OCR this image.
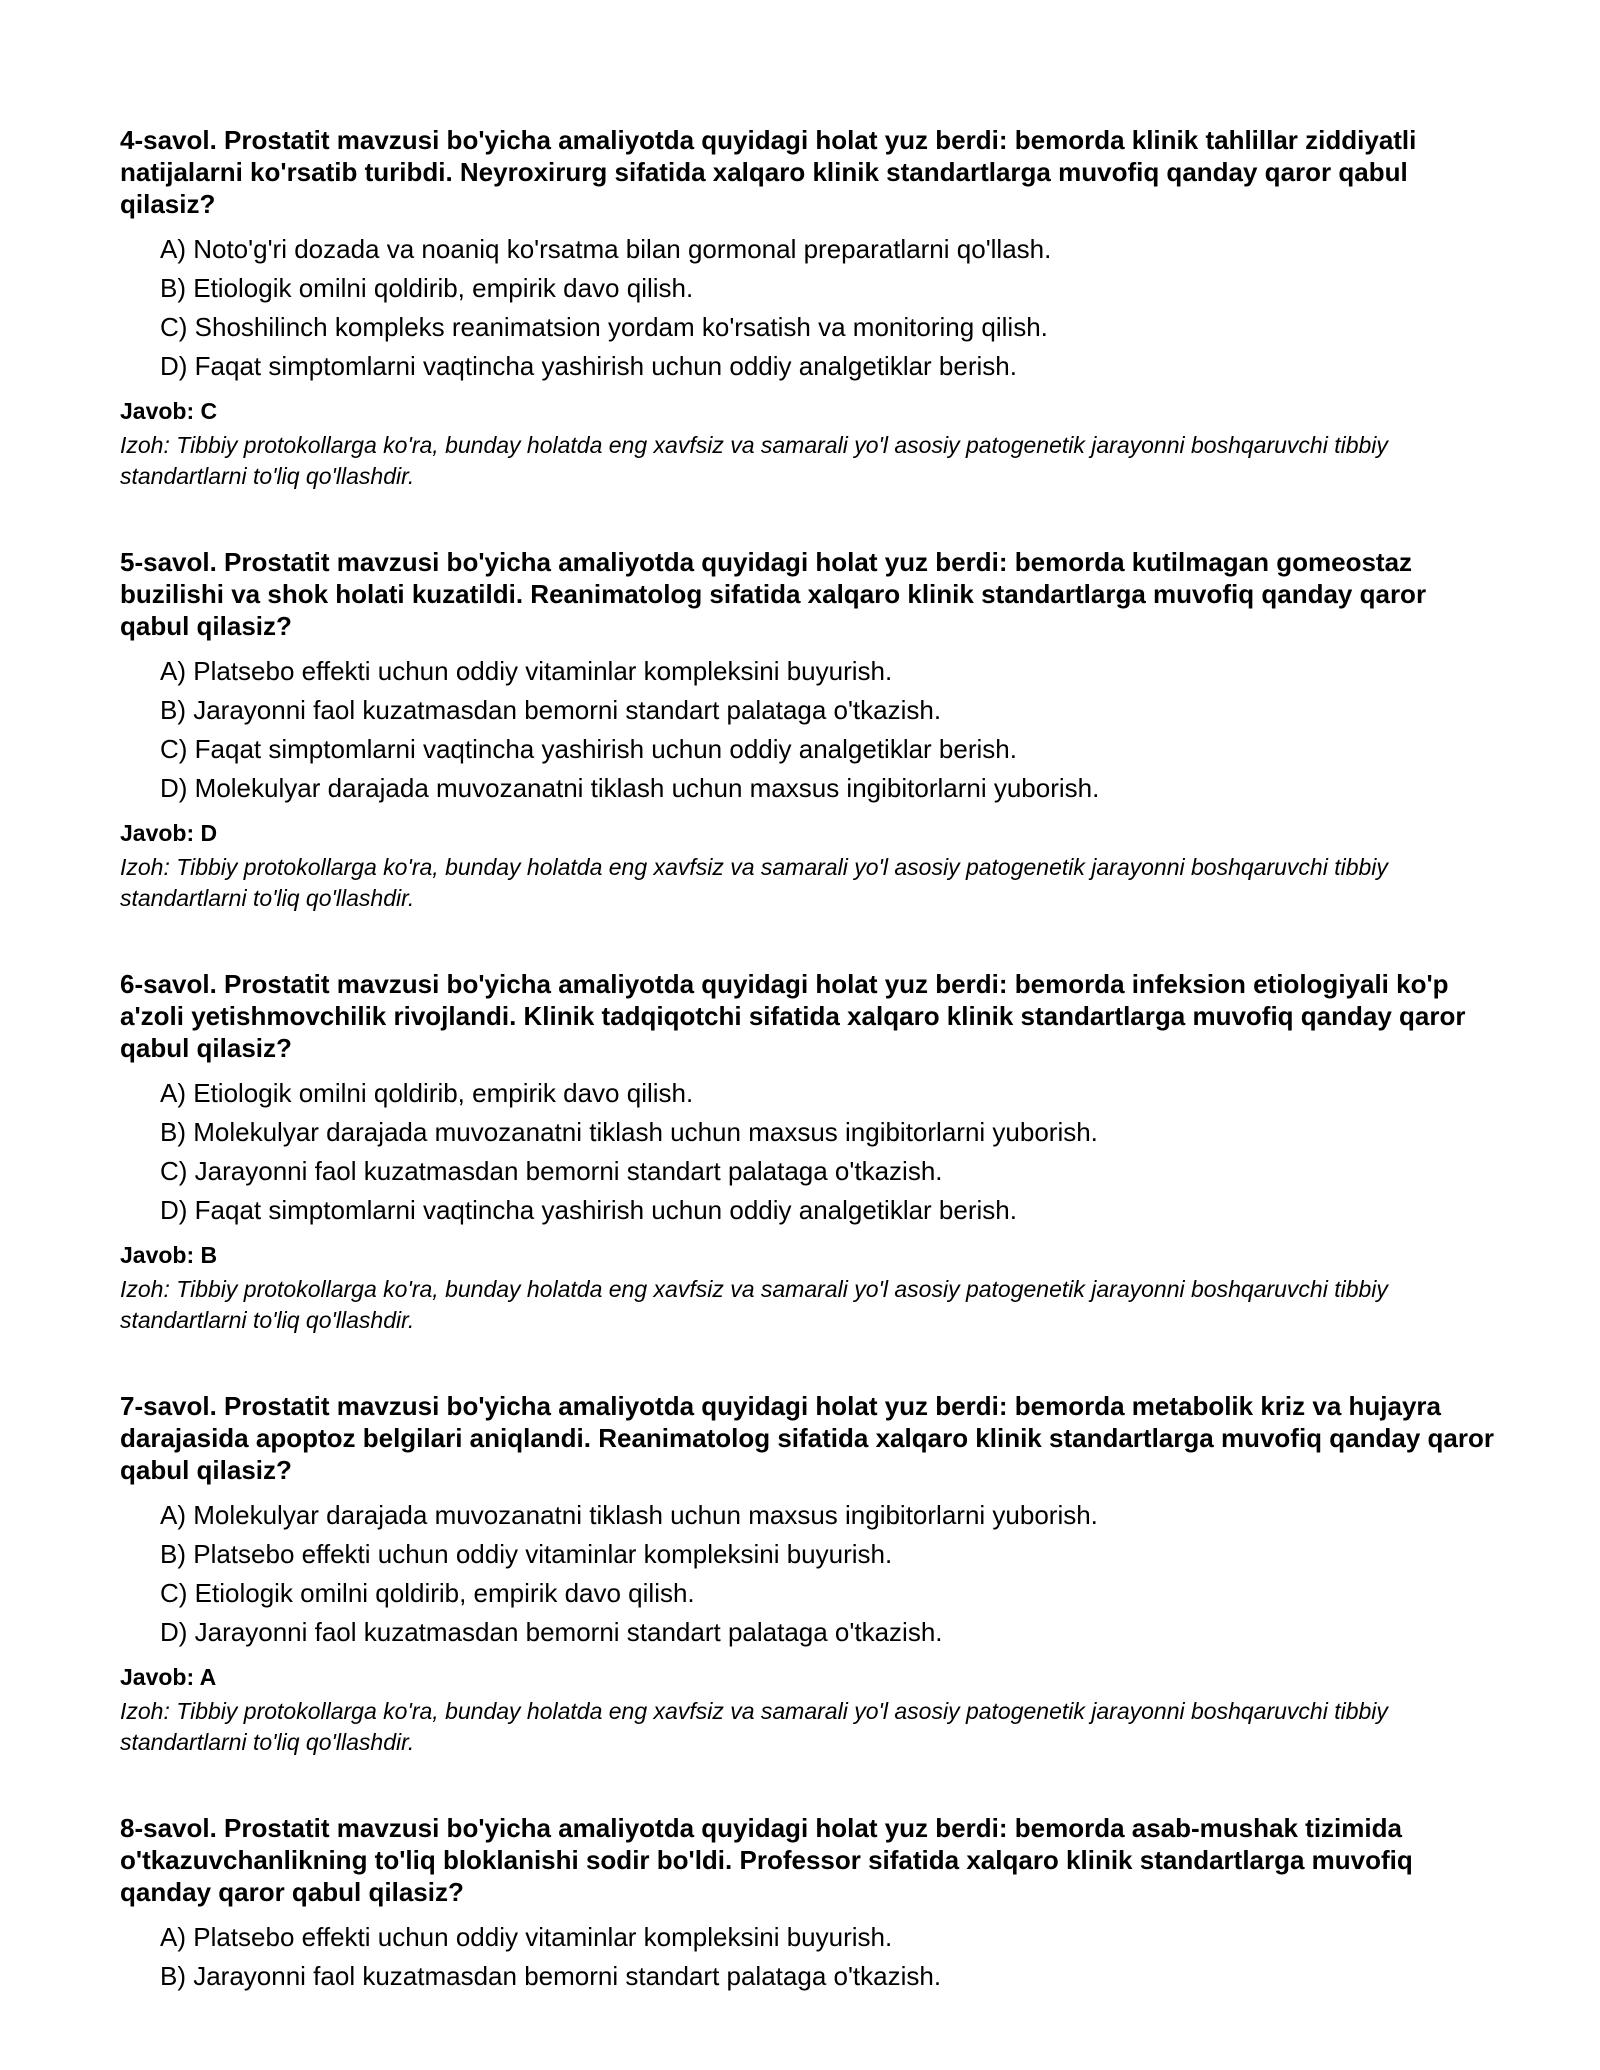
4-savol. Prostatit mavzusi bo'yicha amaliyotda quyidagi holat yuz berdi: bemorda klinik tahlillar ziddiyatli natijalarni ko'rsatib turibdi. Neyroxirurg sifatida xalqaro klinik standartlarga muvofiq qanday qaror qabul qilasiz?

A) Noto'g'ri dozada va noaniq ko'rsatma bilan gormonal preparatlarni qo'llash.
B) Etiologik omilni qoldirib, empirik davo qilish.
C) Shoshilinch kompleks reanimatsion yordam ko'rsatish va monitoring qilish.
D) Faqat simptomlarni vaqtincha yashirish uchun oddiy analgetiklar berish.

Javob: C

Izoh: Tibbiy protokollarga ko'ra, bunday holatda eng xavfsiz va samarali yo'l asosiy patogenetik jarayonni boshqaruvchi tibbiy standartlarni to'liq qo'llashdir.

5-savol. Prostatit mavzusi bo'yicha amaliyotda quyidagi holat yuz berdi: bemorda kutilmagan gomeostaz buzilishi va shok holati kuzatildi. Reanimatolog sifatida xalqaro klinik standartlarga muvofiq qanday qaror qabul qilasiz?

A) Platsebo effekti uchun oddiy vitaminlar kompleksini buyurish.
B) Jarayonni faol kuzatmasdan bemorni standart palataga o'tkazish.
C) Faqat simptomlarni vaqtincha yashirish uchun oddiy analgetiklar berish.
D) Molekulyar darajada muvozanatni tiklash uchun maxsus ingibitorlarni yuborish.

Javob: D

Izoh: Tibbiy protokollarga ko'ra, bunday holatda eng xavfsiz va samarali yo'l asosiy patogenetik jarayonni boshqaruvchi tibbiy standartlarni to'liq qo'llashdir.

6-savol. Prostatit mavzusi bo'yicha amaliyotda quyidagi holat yuz berdi: bemorda infeksion etiologiyali ko'p a'zoli yetishmovchilik rivojlandi. Klinik tadqiqotchi sifatida xalqaro klinik standartlarga muvofiq qanday qaror qabul qilasiz?

A) Etiologik omilni qoldirib, empirik davo qilish.
B) Molekulyar darajada muvozanatni tiklash uchun maxsus ingibitorlarni yuborish.
C) Jarayonni faol kuzatmasdan bemorni standart palataga o'tkazish.
D) Faqat simptomlarni vaqtincha yashirish uchun oddiy analgetiklar berish.

Javob: B

Izoh: Tibbiy protokollarga ko'ra, bunday holatda eng xavfsiz va samarali yo'l asosiy patogenetik jarayonni boshqaruvchi tibbiy standartlarni to'liq qo'llashdir.

7-savol. Prostatit mavzusi bo'yicha amaliyotda quyidagi holat yuz berdi: bemorda metabolik kriz va hujayra darajasida apoptoz belgilari aniqlandi. Reanimatolog sifatida xalqaro klinik standartlarga muvofiq qanday qaror qabul qilasiz?

A) Molekulyar darajada muvozanatni tiklash uchun maxsus ingibitorlarni yuborish.
B) Platsebo effekti uchun oddiy vitaminlar kompleksini buyurish.
C) Etiologik omilni qoldirib, empirik davo qilish.
D) Jarayonni faol kuzatmasdan bemorni standart palataga o'tkazish.

Javob: A

Izoh: Tibbiy protokollarga ko'ra, bunday holatda eng xavfsiz va samarali yo'l asosiy patogenetik jarayonni boshqaruvchi tibbiy standartlarni to'liq qo'llashdir.

8-savol. Prostatit mavzusi bo'yicha amaliyotda quyidagi holat yuz berdi: bemorda asab-mushak tizimida o'tkazuvchanlikning to'liq bloklanishi sodir bo'ldi. Professor sifatida xalqaro klinik standartlarga muvofiq qanday qaror qabul qilasiz?

A) Platsebo effekti uchun oddiy vitaminlar kompleksini buyurish.
B) Jarayonni faol kuzatmasdan bemorni standart palataga o'tkazish.
